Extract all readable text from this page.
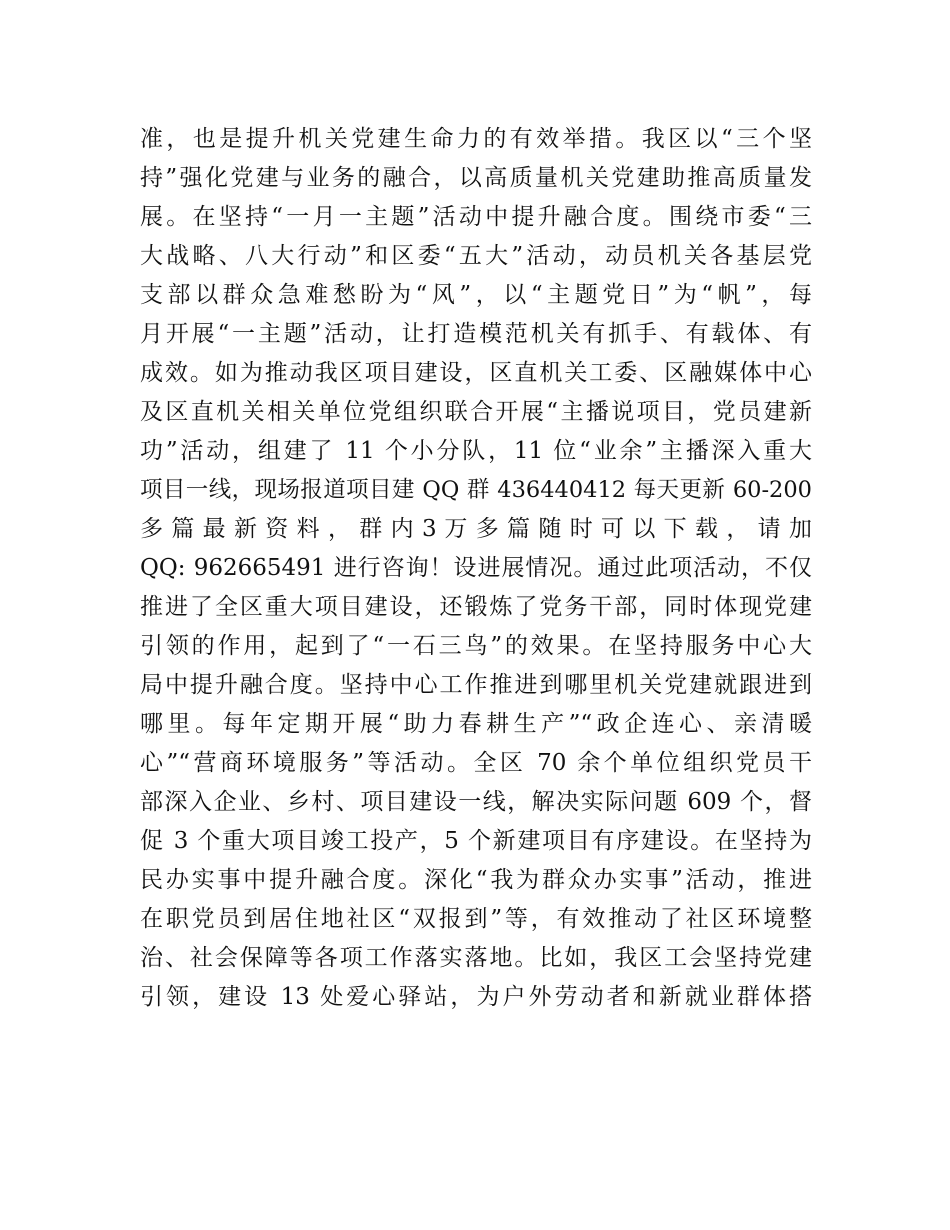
准，也是提升机关党建生命力的有效举措。我区以“三个坚
持”强化党建与业务的融合，以高质量机关党建助推高质量发
展。在坚持“一月一主题”活动中提升融合度。围绕市委“三
大战略、八大行动”和区委“五大”活动，动员机关各基层党
支部以群众急难愁盼为“风”，以“主题党日”为“帆”，每
月开展“一主题”活动，让打造模范机关有抓手、有载体、有
成效。如为推动我区项目建设，区直机关工委、区融媒体中心
及区直机关相关单位党组织联合开展“主播说项目，党员建新
功”活动，组建了 11 个小分队，11 位“业余”主播深入重大
项目一线，现场报道项目建 QQ 群 436440412 每天更新 60-200
多 篇 最 新 资 料 ， 群 内 3 万 多 篇 随 时 可 以 下 载 ， 请 加
QQ: 962665491 进行咨询！设进展情况。通过此项活动，不仅
推进了全区重大项目建设，还锻炼了党务干部，同时体现党建
引领的作用，起到了“一石三鸟”的效果。在坚持服务中心大
局中提升融合度。坚持中心工作推进到哪里机关党建就跟进到
哪里。每年定期开展“助力春耕生产”“政企连心、亲清暖
心”“营商环境服务”等活动。全区 70 余个单位组织党员干
部深入企业、乡村、项目建设一线，解决实际问题 609 个，督
促 3 个重大项目竣工投产，5 个新建项目有序建设。在坚持为
民办实事中提升融合度。深化“我为群众办实事”活动，推进
在职党员到居住地社区“双报到”等，有效推动了社区环境整
治、社会保障等各项工作落实落地。比如，我区工会坚持党建
引领，建设 13 处爱心驿站，为户外劳动者和新就业群体搭
